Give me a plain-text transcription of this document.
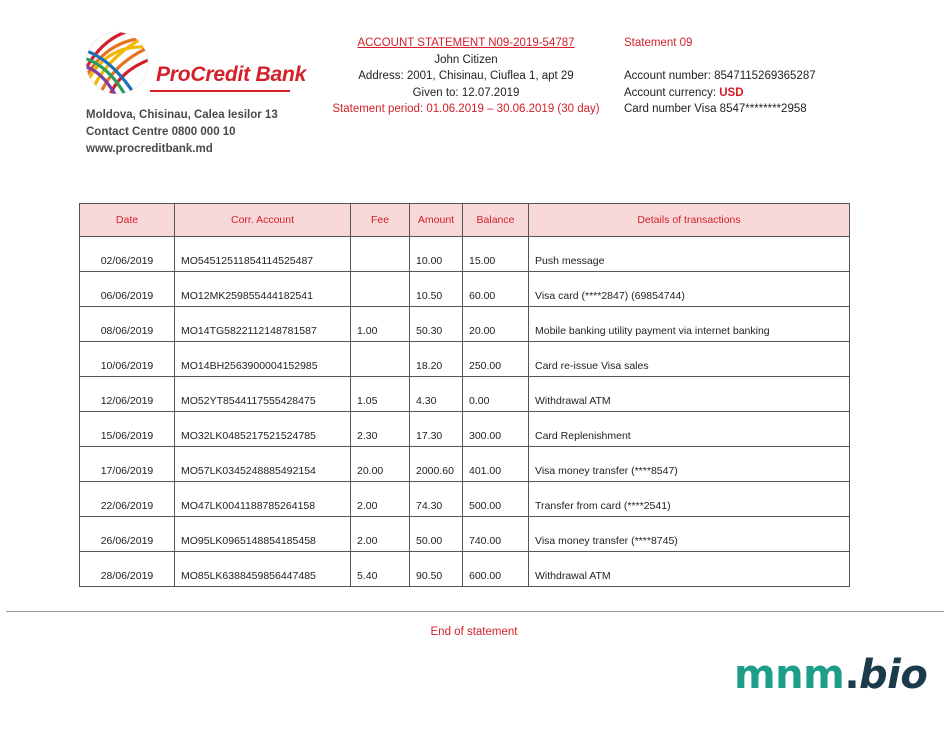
ProCredit Bank
Moldova, Chisinau, Calea Iesilor 13
Contact Centre 0800 000 10
www.procreditbank.md
ACCOUNT STATEMENT N09-2019-54787
John Citizen
Address: 2001, Chisinau, Ciuflea 1, apt 29
Given to: 12.07.2019
Statement period: 01.06.2019 – 30.06.2019 (30 day)
Statement 09

Account number: 8547115269365287
Account currency: USD
Card number Visa 8547********2958
Date	Corr. Account	Fee	Amount	Balance	Details of transactions
02/06/2019	MO54512511854114525487		10.00	15.00	Push message
06/06/2019	MO12MK259855444182541		10.50	60.00	Visa card (****2847) (69854744)
08/06/2019	MO14TG5822112148781587	1.00	50.30	20.00	Mobile banking utility payment via internet banking
10/06/2019	MO14BH2563900004152985		18.20	250.00	Card re-issue Visa sales
12/06/2019	MO52YT8544117555428475	1.05	4.30	0.00	Withdrawal ATM
15/06/2019	MO32LK0485217521524785	2.30	17.30	300.00	Card Replenishment
17/06/2019	MO57LK0345248885492154	20.00	2000.60	401.00	Visa money transfer (****8547)
22/06/2019	MO47LK0041188785264158	2.00	74.30	500.00	Transfer from card (****2541)
26/06/2019	MO95LK0965148854185458	2.00	50.00	740.00	Visa money transfer (****8745)
28/06/2019	MO85LK6388459856447485	5.40	90.50	600.00	Withdrawal ATM
End of statement
mnm.bio
